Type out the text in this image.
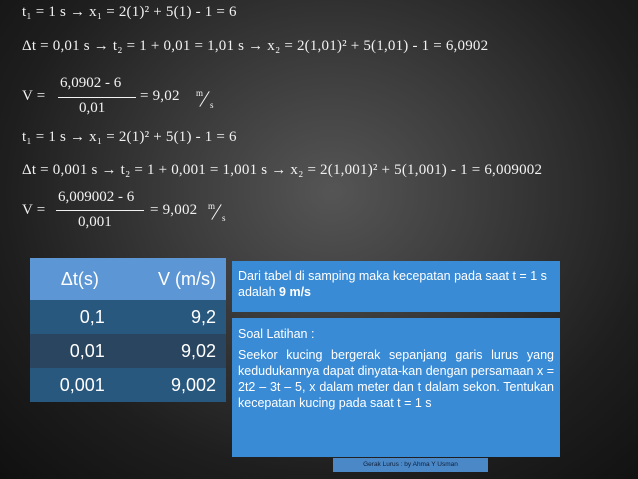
t₁ = 1 s → x₁ = 2(1)² + 5(1) - 1 = 6
Δt = 0,01 s → t₂ = 1 + 0,01 = 1,01 s → x₂ = 2(1,01)² + 5(1,01) - 1 = 6,0902
V =
6,0902 - 6
0,01
= 9,02 m
s
t₁ = 1 s → x₁ = 2(1)² + 5(1) - 1 = 6
Δt = 0,001 s → t₂ = 1 + 0,001 = 1,001 s → x₂ = 2(1,001)² + 5(1,001) - 1 = 6,009002
V =
6,009002 - 6
0,001
= 9,002 m
s
Δt(s)	V (m/s)
0,1	9,2
0,01	9,02
0,001	9,002
Dari tabel di samping maka kecepatan pada saat t = 1 s adalah 9 m/s
Soal Latihan :
Seekor kucing bergerak sepanjang garis lurus yang kedudukannya dapat dinyata-kan dengan persamaan x = 2t2 – 3t – 5, x dalam meter dan t dalam sekon. Tentukan kecepatan kucing pada saat t = 1 s
Gerak Lurus : by Ahma Y Usman
